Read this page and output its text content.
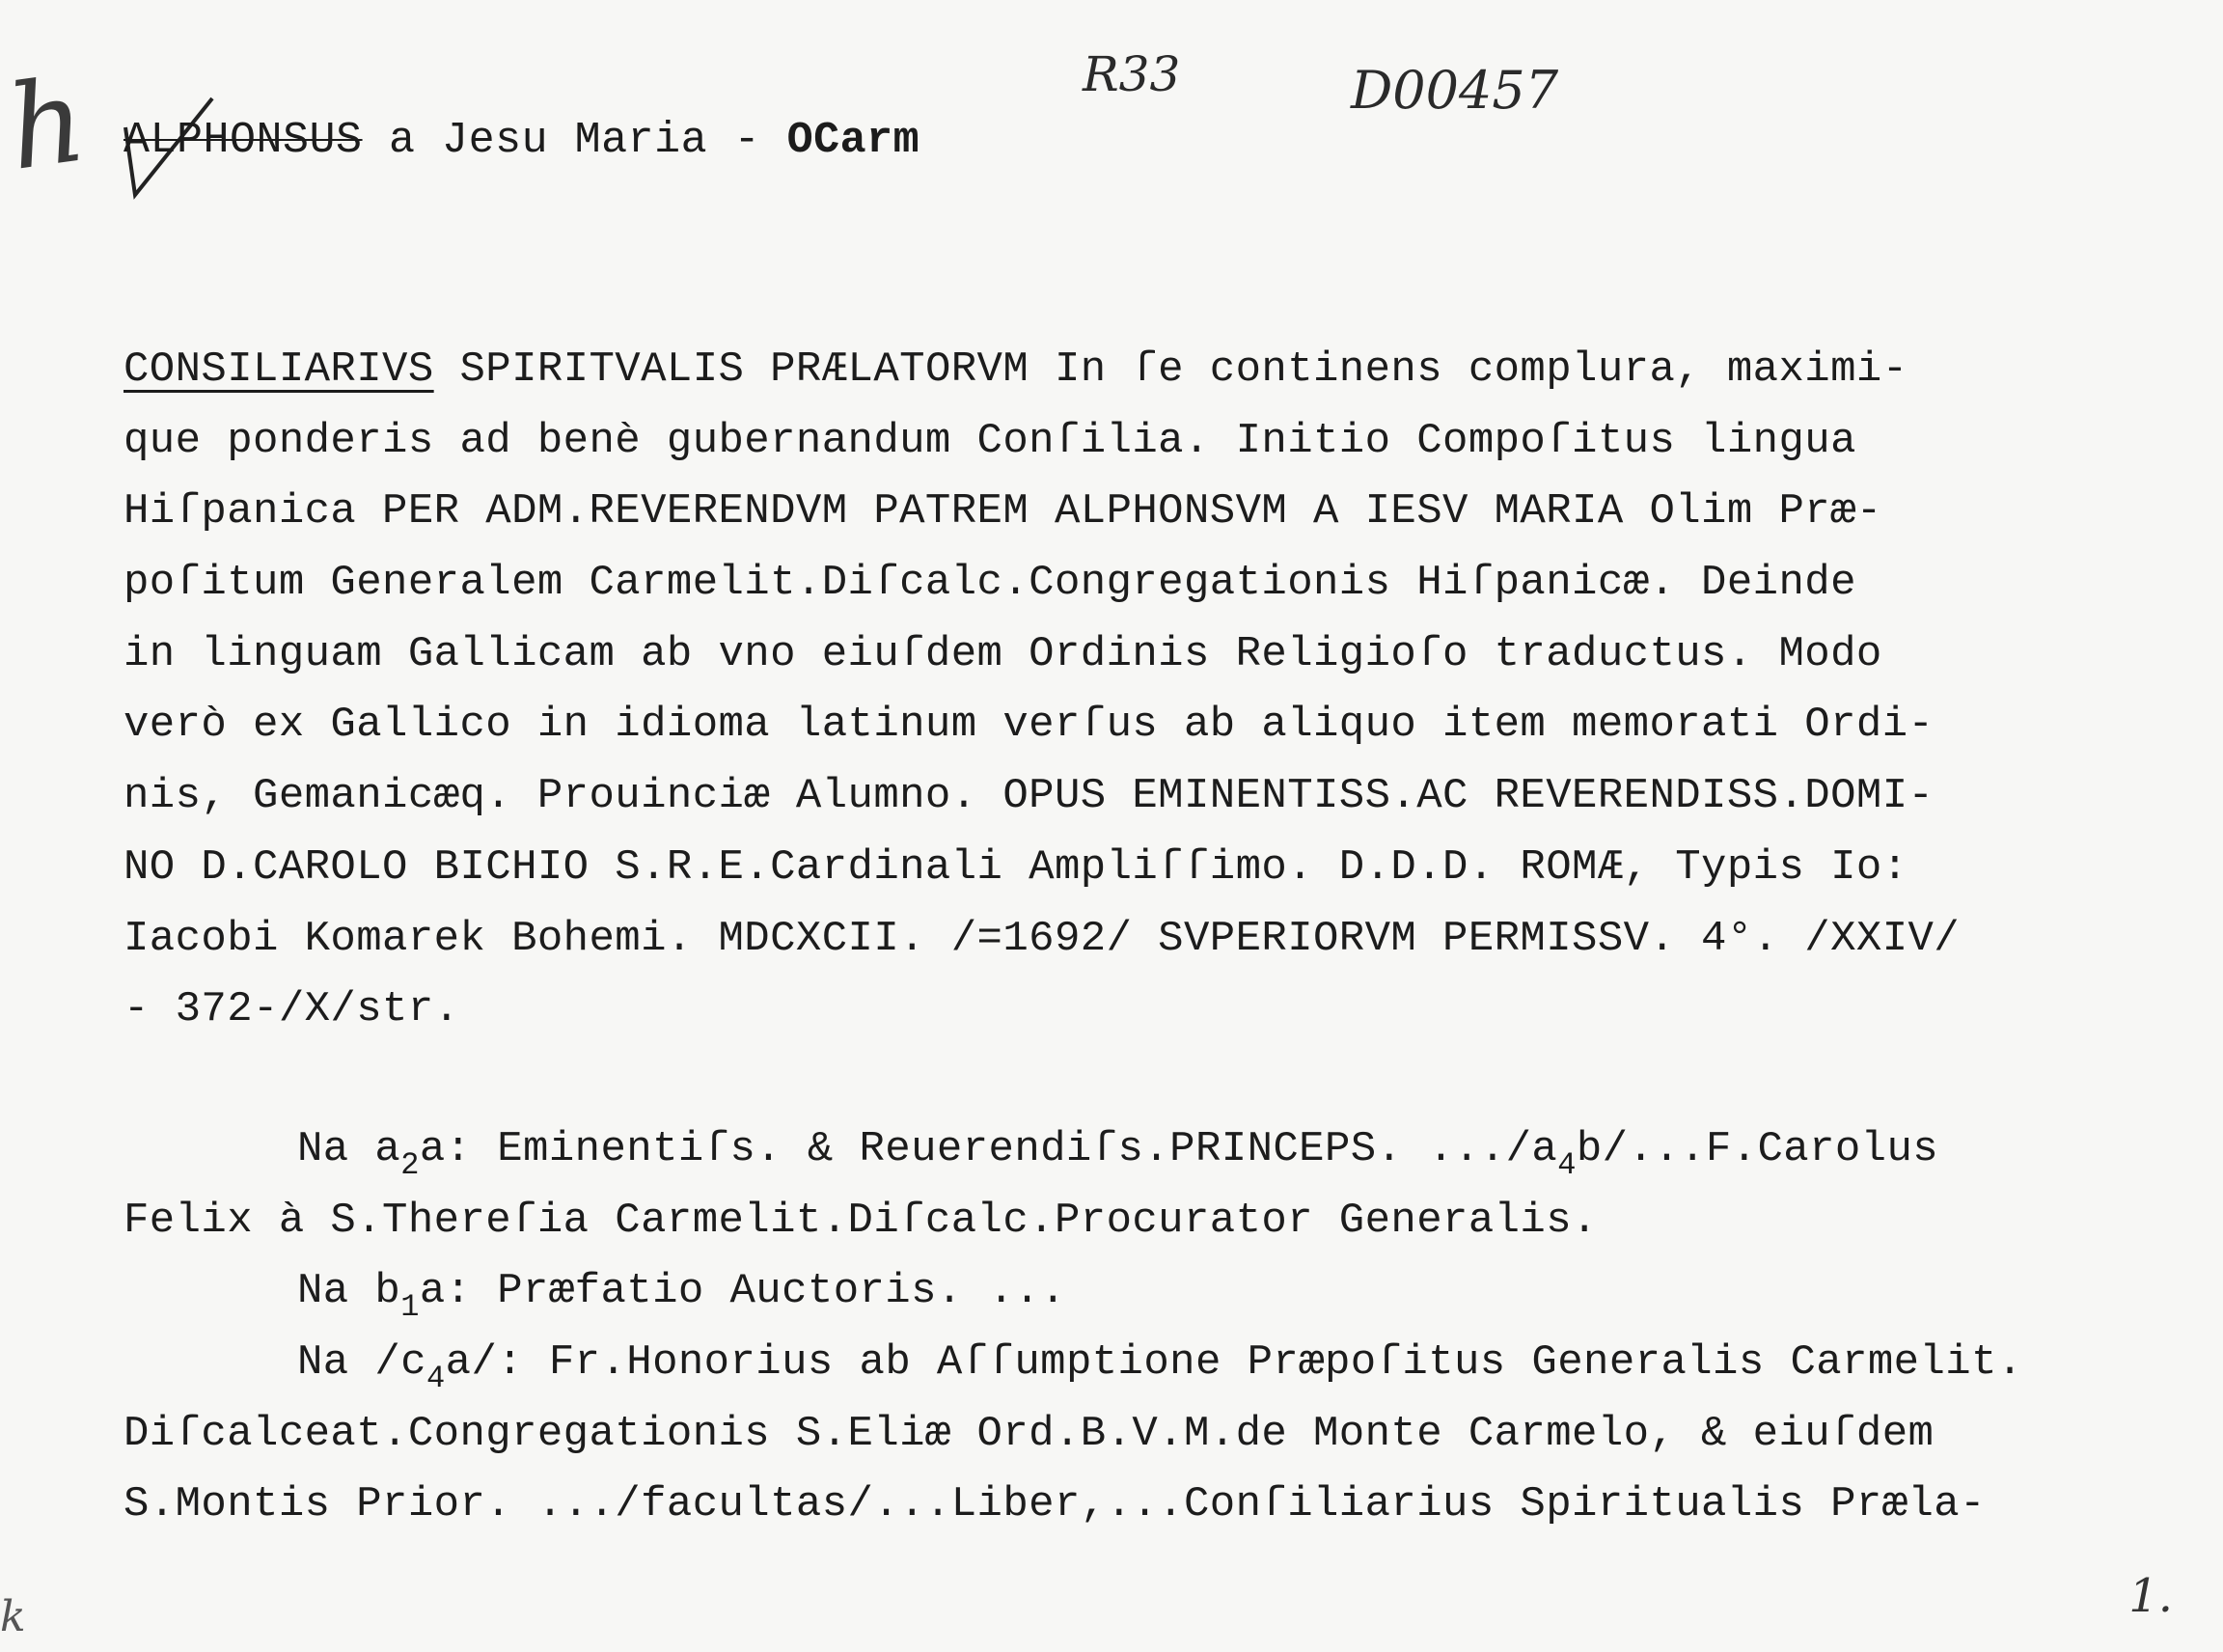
h	R33	D00457
ALPHONSUS a Jesu Maria - OCarm
CONSILIARIVS SPIRITVALIS PRÆLATORVM In ſe continens complura, maximi-
que ponderis ad benè gubernandum Conſilia. Initio Compoſitus lingua
Hiſpanica PER ADM.REVERENDVM PATREM ALPHONSVM A IESV MARIA Olim Præ-
poſitum Generalem Carmelit.Diſcalc.Congregationis Hiſpanicæ. Deinde
in linguam Gallicam ab vno eiuſdem Ordinis Religioſo traductus. Modo
verò ex Gallico in idioma latinum verſus ab aliquo item memorati Ordi-
nis, Gemanicæq. Prouinciæ Alumno. OPUS EMINENTISS.AC REVERENDISS.DOMI-
NO D.CAROLO BICHIO S.R.E.Cardinali Ampliſſimo. D.D.D. ROMÆ, Typis Io:
Iacobi Komarek Bohemi. MDCXCII. /=1692/ SVPERIORVM PERMISSV. 4°. /XXIV/
- 372-/X/str.
Na $a_2a$: Eminentiſs. & Reuerendiſs.PRINCEPS. $.../a_4b/...F.Carolus$
Felix à S.Thereſia Carmelit.Diſcalc.Procurator Generalis.
Na $b_1a$: Præfatio Auctoris. ...
Na $/c_4a/$: Fr.Honorius ab Aſſumptione Præpoſitus Generalis Carmelit.
Diſcalceat.Congregationis S.Eliæ Ord.B.V.M.de Monte Carmelo, & eiuſdem
S.Montis Prior. .../facultas/...Liber,...Conſiliarius Spiritualis Præla-
k	1.
